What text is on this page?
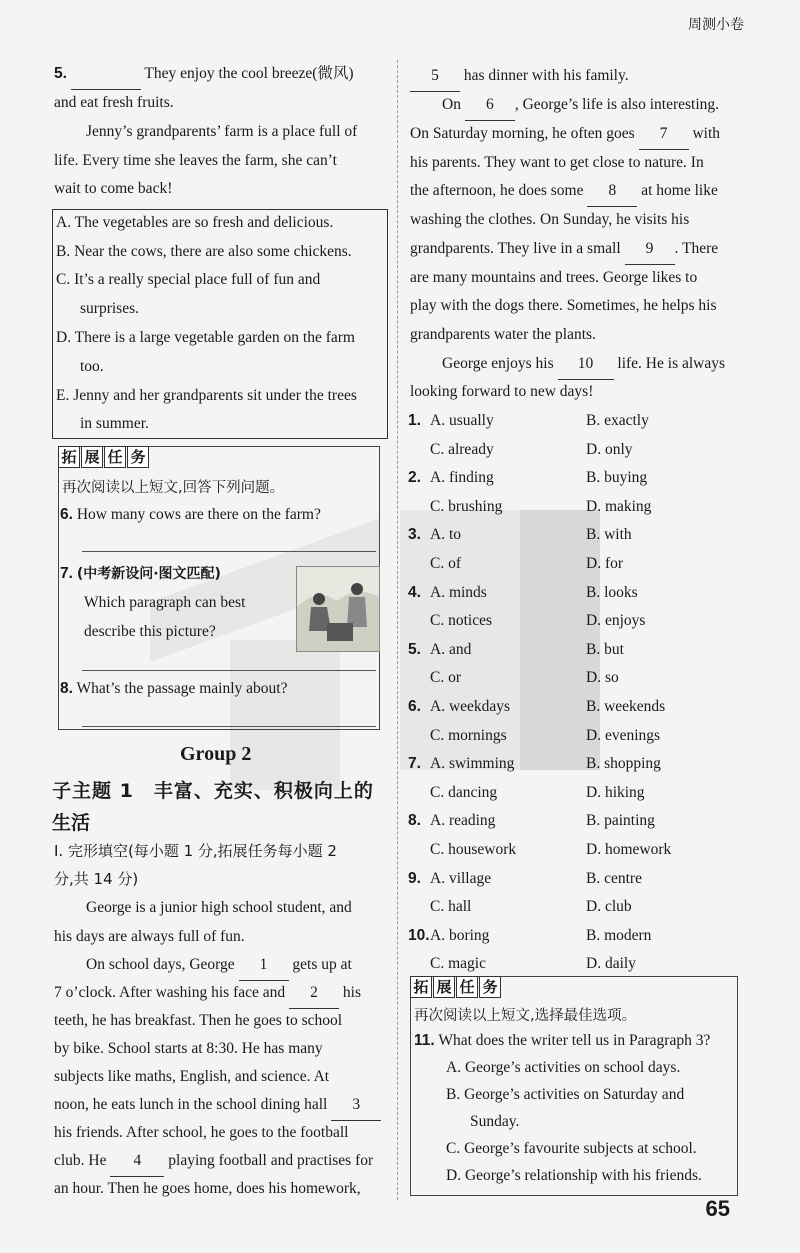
周测小卷
5.	They enjoy the cool breeze(微风)
and eat fresh fruits.
Jenny’s grandparents’ farm is a place full of
life. Every time she leaves the farm, she can’t
wait to come back!
A. The vegetables are so fresh and delicious.
B. Near the cows, there are also some chickens.
C. It’s a really special place full of fun and
surprises.
D. There is a large vegetable garden on the farm
too.
E. Jenny and her grandparents sit under the trees
in summer.
拓 展 任 务
再次阅读以上短文,回答下列问题。
6. How many cows are there on the farm?
7. (中考新设问·图文匹配)
Which paragraph can best
describe this picture?
8. What’s the passage mainly about?
Group 2
子主题 1　丰富、充实、积极向上的
生活
Ⅰ. 完形填空(每小题 1 分,拓展任务每小题 2
分,共 14 分)
George is a junior high school student, and
his days are always full of fun.
On school days, George 1 gets up at
7 o’clock. After washing his face and 2 his
teeth, he has breakfast. Then he goes to school
by bike. School starts at 8:30. He has many
subjects like maths, English, and science. At
noon, he eats lunch in the school dining hall 3
his friends. After school, he goes to the football
club. He 4 playing football and practises for
an hour. Then he goes home, does his homework,
5 has dinner with his family.
On 6 , George’s life is also interesting.
On Saturday morning, he often goes 7 with
his parents. They want to get close to nature. In
the afternoon, he does some 8 at home like
washing the clothes. On Sunday, he visits his
grandparents. They live in a small 9 . There
are many mountains and trees. George likes to
play with the dogs there. Sometimes, he helps his
grandparents water the plants.
George enjoys his 10 life. He is always
looking forward to new days!
1. A. usually	B. exactly
C. already	D. only
2. A. finding	B. buying
C. brushing	D. making
3. A. to	B. with
C. of	D. for
4. A. minds	B. looks
C. notices	D. enjoys
5. A. and	B. but
C. or	D. so
6. A. weekdays	B. weekends
C. mornings	D. evenings
7. A. swimming	B. shopping
C. dancing	D. hiking
8. A. reading	B. painting
C. housework	D. homework
9. A. village	B. centre
C. hall	D. club
10. A. boring	B. modern
C. magic	D. daily
拓 展 任 务
再次阅读以上短文,选择最佳选项。
11. What does the writer tell us in Paragraph 3?
A. George’s activities on school days.
B. George’s activities on Saturday and
Sunday.
C. George’s favourite subjects at school.
D. George’s relationship with his friends.
65
